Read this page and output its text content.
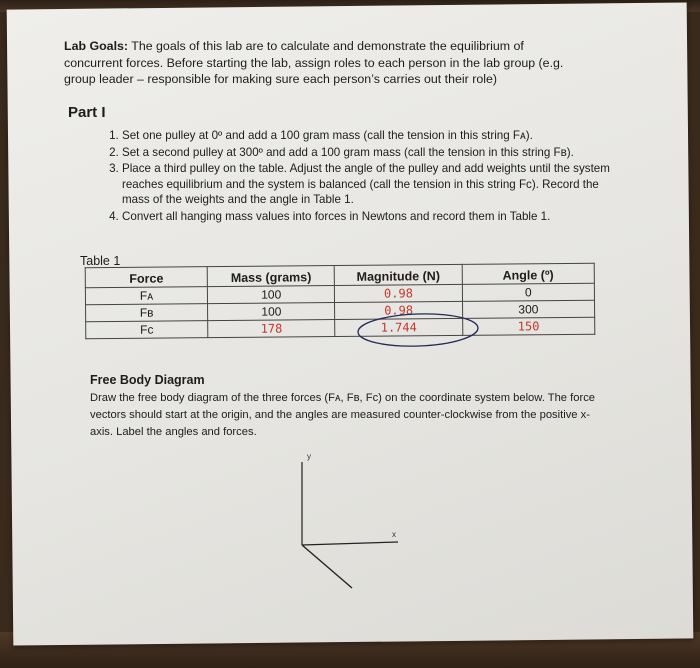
Lab Goals: The goals of this lab are to calculate and demonstrate the equilibrium of concurrent forces. Before starting the lab, assign roles to each person in the lab group (e.g. group leader – responsible for making sure each person’s carries out their role)
Part I
1. Set one pulley at 0º and add a 100 gram mass (call the tension in this string Fᴀ).
2. Set a second pulley at 300º and add a 100 gram mass (call the tension in this string Fʙ).
3. Place a third pulley on the table. Adjust the angle of the pulley and add weights until the system reaches equilibrium and the system is balanced (call the tension in this string Fᴄ). Record the mass of the weights and the angle in Table 1.
4. Convert all hanging mass values into forces in Newtons and record them in Table 1.
Table 1
Force	Mass (grams)	Magnitude (N)	Angle (º)
Fᴀ	100	0.98	0
Fʙ	100	0.98	300
Fᴄ	178	1.744	150
Free Body Diagram
Draw the free body diagram of the three forces (Fᴀ, Fʙ, Fᴄ) on the coordinate system below. The force vectors should start at the origin, and the angles are measured counter-clockwise from the positive x-axis. Label the angles and forces.
y
x
